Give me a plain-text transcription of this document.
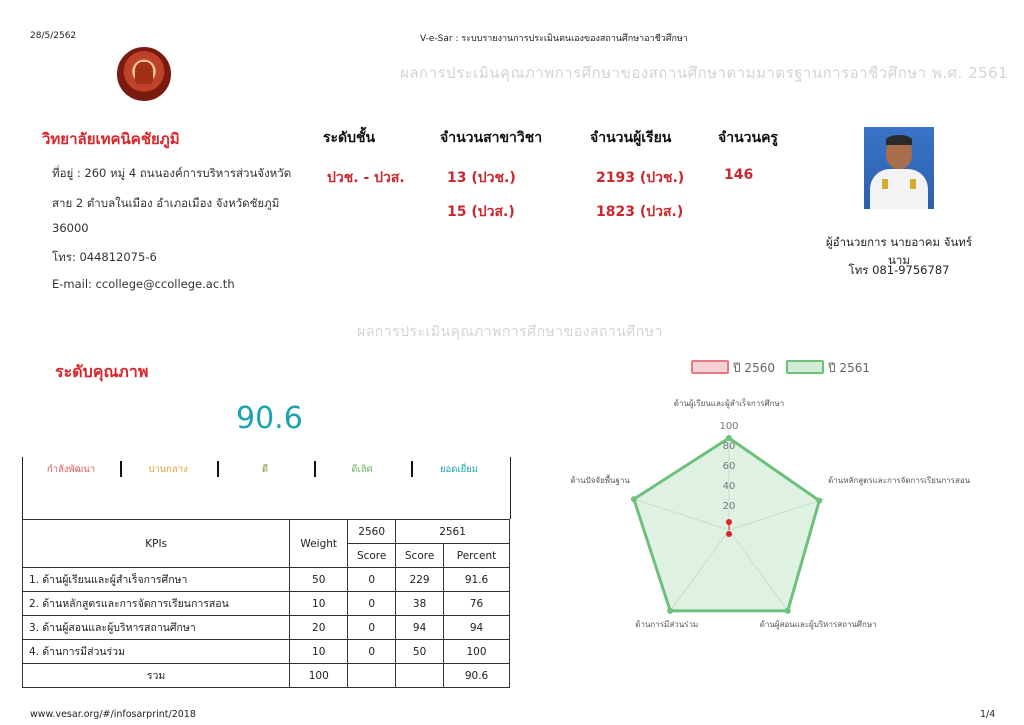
28/5/2562	V-e-Sar : ระบบรายงานการประเมินตนเองของสถานศึกษาอาชีวศึกษา
ผลการประเมินคุณภาพการศึกษาของสถานศึกษาตามมาตรฐานการอาชีวศึกษา พ.ศ. 2561
วิทยาลัยเทคนิคชัยภูมิ
ที่อยู่ : 260 หมู่ 4 ถนนองค์การบริหารส่วนจังหวัด
สาย 2 ตำบลในเมือง อำเภอเมือง จังหวัดชัยภูมิ
36000
โทร: 044812075-6
E-mail: ccollege@ccollege.ac.th
ระดับชั้น
ปวช. - ปวส.
จำนวนสาขาวิชา
13 (ปวช.)
15 (ปวส.)
จำนวนผู้เรียน
2193 (ปวช.)
1823 (ปวส.)
จำนวนครู
146
ผู้อำนวยการ นายอาคม จันทร์นาม
โทร 081-9756787
ผลการประเมินคุณภาพการศึกษาของสถานศึกษา
ระดับคุณภาพ
90.6
กำลังพัฒนา	ปานกลาง	ดี	ดีเลิศ	ยอดเยี่ยม
KPIs	Weight	2560	2561	
		Score	Score	Percent
1. ด้านผู้เรียนและผู้สำเร็จการศึกษา	50	0	229	91.6
2. ด้านหลักสูตรและการจัดการเรียนการสอน	10	0	38	76
3. ด้านผู้สอนและผู้บริหารสถานศึกษา	20	0	94	94
4. ด้านการมีส่วนร่วม	10	0	50	100
รวม	100			90.6
ปี 2560	ปี 2561
20
40
60
80
100
ด้านผู้เรียนและผู้สำเร็จการศึกษา
ด้านหลักสูตรและการจัดการเรียนการสอน
ด้านผู้สอนและผู้บริหารสถานศึกษา
ด้านการมีส่วนร่วม
ด้านปัจจัยพื้นฐาน
www.vesar.org/#/infosarprint/2018	1/4
